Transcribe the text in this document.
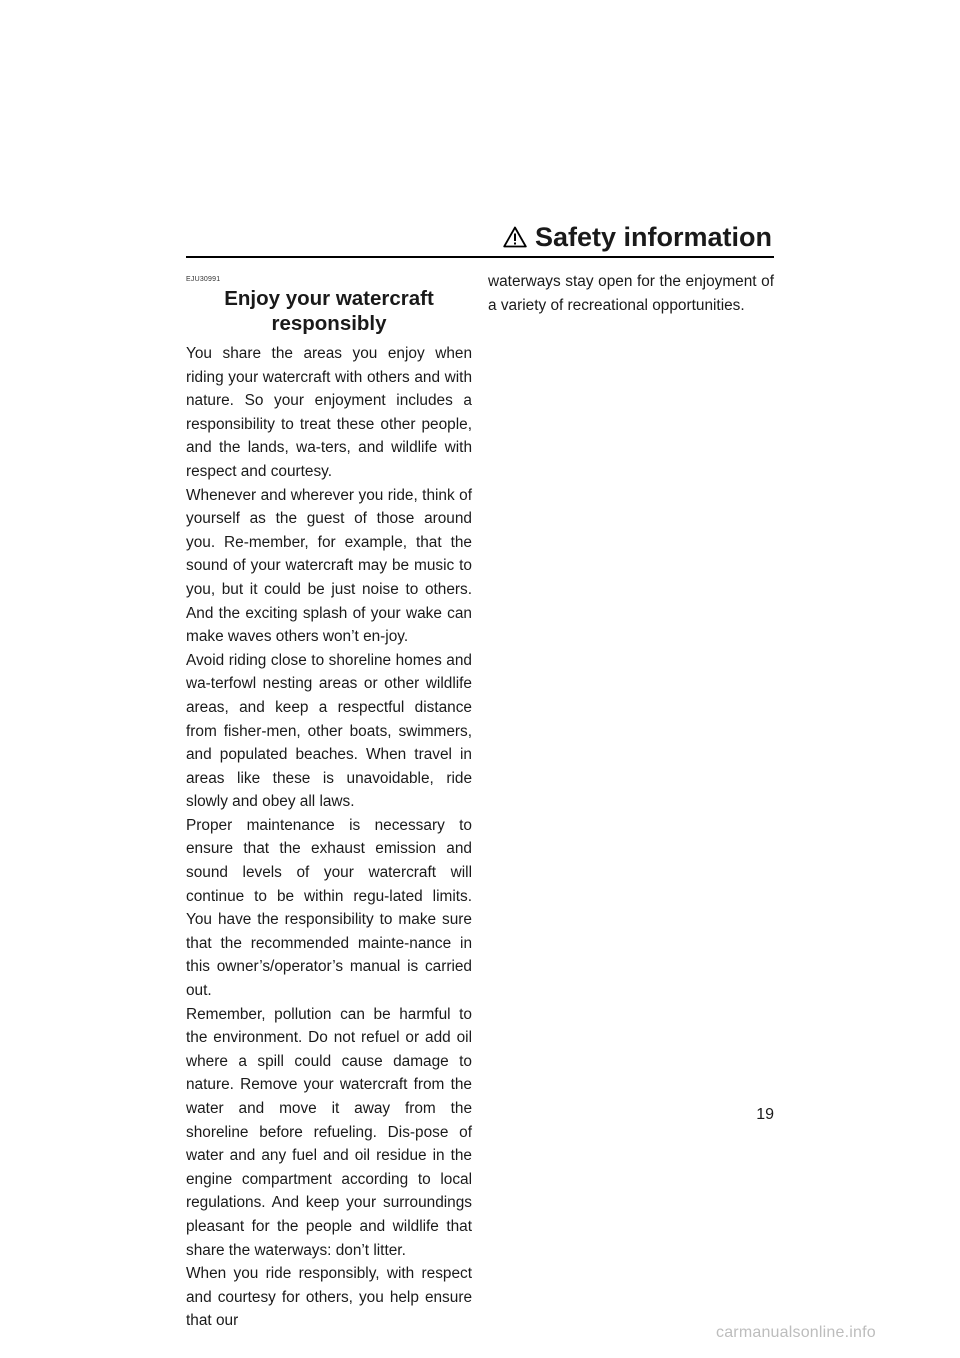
Safety information
EJU30991
Enjoy your watercraft
responsibly

You share the areas you enjoy when riding your watercraft with others and with nature. So your enjoyment includes a responsibility to treat these other people, and the lands, wa-ters, and wildlife with respect and courtesy.

Whenever and wherever you ride, think of yourself as the guest of those around you. Re-member, for example, that the sound of your watercraft may be music to you, but it could be just noise to others. And the exciting splash of your wake can make waves others won’t en-joy.

Avoid riding close to shoreline homes and wa-terfowl nesting areas or other wildlife areas, and keep a respectful distance from fisher-men, other boats, swimmers, and populated beaches. When travel in areas like these is unavoidable, ride slowly and obey all laws.

Proper maintenance is necessary to ensure that the exhaust emission and sound levels of your watercraft will continue to be within regu-lated limits. You have the responsibility to make sure that the recommended mainte-nance in this owner’s/operator’s manual is carried out.

Remember, pollution can be harmful to the environment. Do not refuel or add oil where a spill could cause damage to nature. Remove your watercraft from the water and move it away from the shoreline before refueling. Dis-pose of water and any fuel and oil residue in the engine compartment according to local regulations. And keep your surroundings pleasant for the people and wildlife that share the waterways: don’t litter.

When you ride responsibly, with respect and courtesy for others, you help ensure that our

waterways stay open for the enjoyment of a variety of recreational opportunities.

19
carmanualsonline.info
